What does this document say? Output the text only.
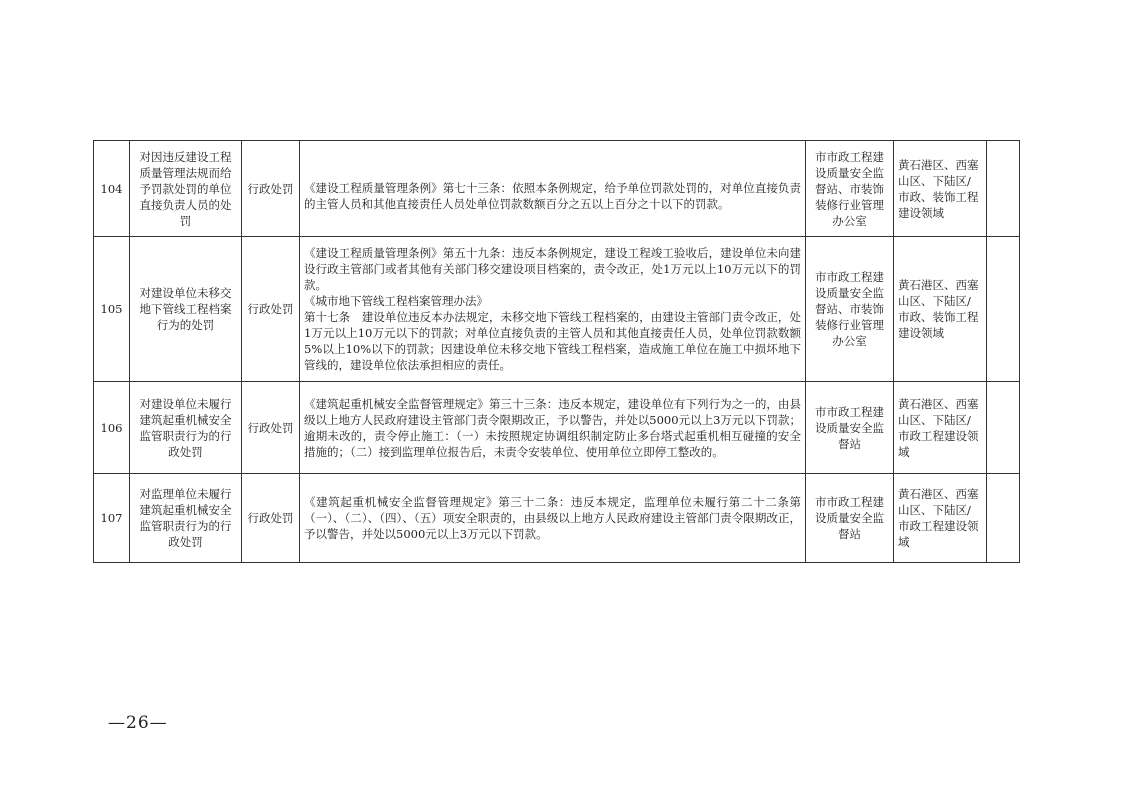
104	对因违反建设工程质量管理法规而给予罚款处罚的单位直接负责人员的处罚	行政处罚	《建设工程质量管理条例》第七十三条：依照本条例规定，给予单位罚款处罚的，对单位直接负责的主管人员和其他直接责任人员处单位罚款数额百分之五以上百分之十以下的罚款。	市市政工程建设质量安全监督站、市装饰装修行业管理办公室	黄石港区、西塞山区、下陆区/市政、装饰工程建设领域	
105	对建设单位未移交地下管线工程档案行为的处罚	行政处罚	《建设工程质量管理条例》第五十九条：违反本条例规定，建设工程竣工验收后，建设单位未向建设行政主管部门或者其他有关部门移交建设项目档案的，责令改正，处1万元以上10万元以下的罚款。
《城市地下管线工程档案管理办法》
第十七条　建设单位违反本办法规定，未移交地下管线工程档案的，由建设主管部门责令改正，处1万元以上10万元以下的罚款；对单位直接负责的主管人员和其他直接责任人员，处单位罚款数额5%以上10%以下的罚款；因建设单位未移交地下管线工程档案，造成施工单位在施工中损坏地下管线的，建设单位依法承担相应的责任。	市市政工程建设质量安全监督站、市装饰装修行业管理办公室	黄石港区、西塞山区、下陆区/市政、装饰工程建设领域	
106	对建设单位未履行建筑起重机械安全监管职责行为的行政处罚	行政处罚	《建筑起重机械安全监督管理规定》第三十三条：违反本规定，建设单位有下列行为之一的，由县级以上地方人民政府建设主管部门责令限期改正，予以警告，并处以5000元以上3万元以下罚款；逾期未改的，责令停止施工：（一）未按照规定协调组织制定防止多台塔式起重机相互碰撞的安全措施的；（二）接到监理单位报告后，未责令安装单位、使用单位立即停工整改的。	市市政工程建设质量安全监督站	黄石港区、西塞山区、下陆区/市政工程建设领域	
107	对监理单位未履行建筑起重机械安全监管职责行为的行政处罚	行政处罚	《建筑起重机械安全监督管理规定》第三十二条：违反本规定，监理单位未履行第二十二条第（一）、（二）、（四）、（五）项安全职责的，由县级以上地方人民政府建设主管部门责令限期改正，予以警告，并处以5000元以上3万元以下罚款。	市市政工程建设质量安全监督站	黄石港区、西塞山区、下陆区/市政工程建设领域	
—26—
